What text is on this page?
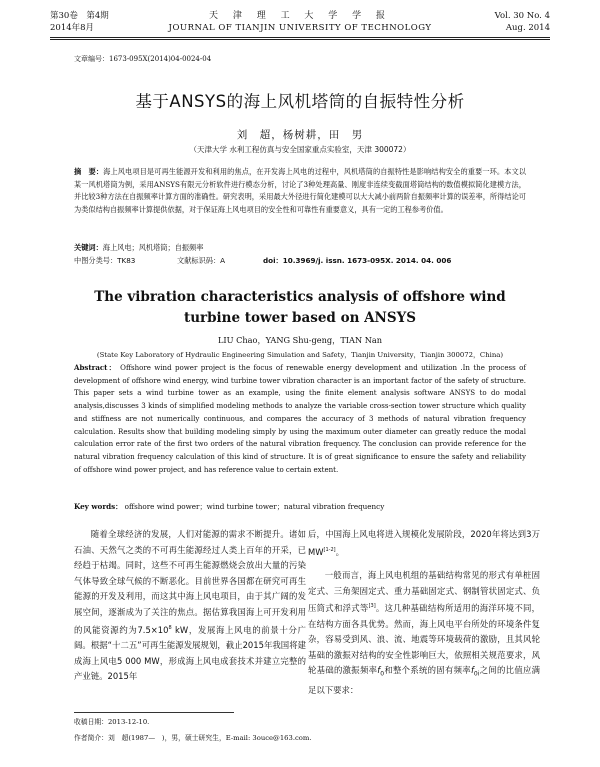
第30卷　第4期
2014年8月
天 津 理 工 大 学 学 报
JOURNAL OF TIANJIN UNIVERSITY OF TECHNOLOGY
Vol. 30 No. 4
Aug. 2014
文章编号：1673-095X(2014)04-0024-04
基于ANSYS的海上风机塔筒的自振特性分析
刘　超，杨树耕，田　男
（天津大学 水利工程仿真与安全国家重点实验室，天津 300072）
摘　要：海上风电项目是可再生能源开发和利用的焦点，在开发海上风电的过程中，风机塔筒的自振特性是影响结构安全的重要一环。本文以某一风机塔筒为例，采用ANSYS有限元分析软件进行模态分析，讨论了3种处理高量、刚度非连续变截面塔筒结构的数值模拟简化建模方法，并比较3种方法在自振频率计算方面的准确性。研究表明，采用最大外径进行简化建模可以大大减小前两阶自振频率计算的误差率，所得结论可为类似结构自振频率计算提供依据，对于保证海上风电项目的安全性和可靠性有重要意义，具有一定的工程参考价值。
关键词：海上风电；风机塔筒；自振频率
中图分类号：TK83	文献标识码：A	doi：10.3969/j. issn. 1673-095X. 2014. 04. 006
The vibration characteristics analysis of offshore wind
turbine tower based on ANSYS
LIU Chao，YANG Shu-geng，TIAN Nan
(State Key Laboratory of Hydraulic Engineering Simulation and Safety，Tianjin University，Tianjin 300072，China)
Abstract： Offshore wind power project is the focus of renewable energy development and utilization .In the process of development of offshore wind energy, wind turbine tower vibration character is an important factor of the safety of structure. This paper sets a wind turbine tower as an example, using the finite element analysis software ANSYS to do modal analysis,discusses 3 kinds of simplified modeling methods to analyze the variable cross-section tower structure which quality and stiffness are not numerically continuous, and compares the accuracy of 3 methods of natural vibration frequency calculation. Results show that building modeling simply by using the maximum outer diameter can greatly reduce the modal calculation error rate of the first two orders of the natural vibration frequency. The conclusion can provide reference for the natural vibration frequency calculation of this kind of structure. It is of great significance to ensure the safety and reliability of offshore wind power project, and has reference value to certain extent.
Key words： offshore wind power；wind turbine tower；natural vibration frequency

随着全球经济的发展，人们对能源的需求不断提升。诸如石油、天然气之类的不可再生能源经过人类上百年的开采，已经趋于枯竭。同时，这些不可再生能源燃烧会放出大量的污染气体导致全球气候的不断恶化。目前世界各国都在研究可再生能源的开发及利用，而这其中海上风电项目，由于其广阔的发展空间，逐渐成为了关注的焦点。据估算我国海上可开发利用的风能资源约为$7.5\times 10^8$ kW，发展海上风电的前景十分广阔。根据“十二五”可再生能源发展规划，截止2015年我国将建成海上风电5 000 MW，形成海上风电成套技术并建立完整的产业链。2015年

后，中国海上风电将进入规模化发展阶段，2020年将达到3万MW[1-2]。

一般而言，海上风电机组的基础结构常见的形式有单桩固定式、三角架固定式、重力基础固定式、钢制管状固定式、负压筒式和浮式等[3]。这几种基础结构所适用的海洋环境不同，在结构方面各具优势。然而，海上风电平台所处的环境条件复杂，容易受到风、浪、流、地震等环境载荷的激励，且其风轮基础的激振对结构的安全性影响巨大，依照相关规范要求，风轮基础的激振频率$f_0$和整个系统的固有频率$f_{0i}$之间的比值应满足以下要求：

收稿日期：2013-12-10.
作者简介：刘　超(1987—　)，男，硕士研究生，E-mail: 3ouce@163.com.
